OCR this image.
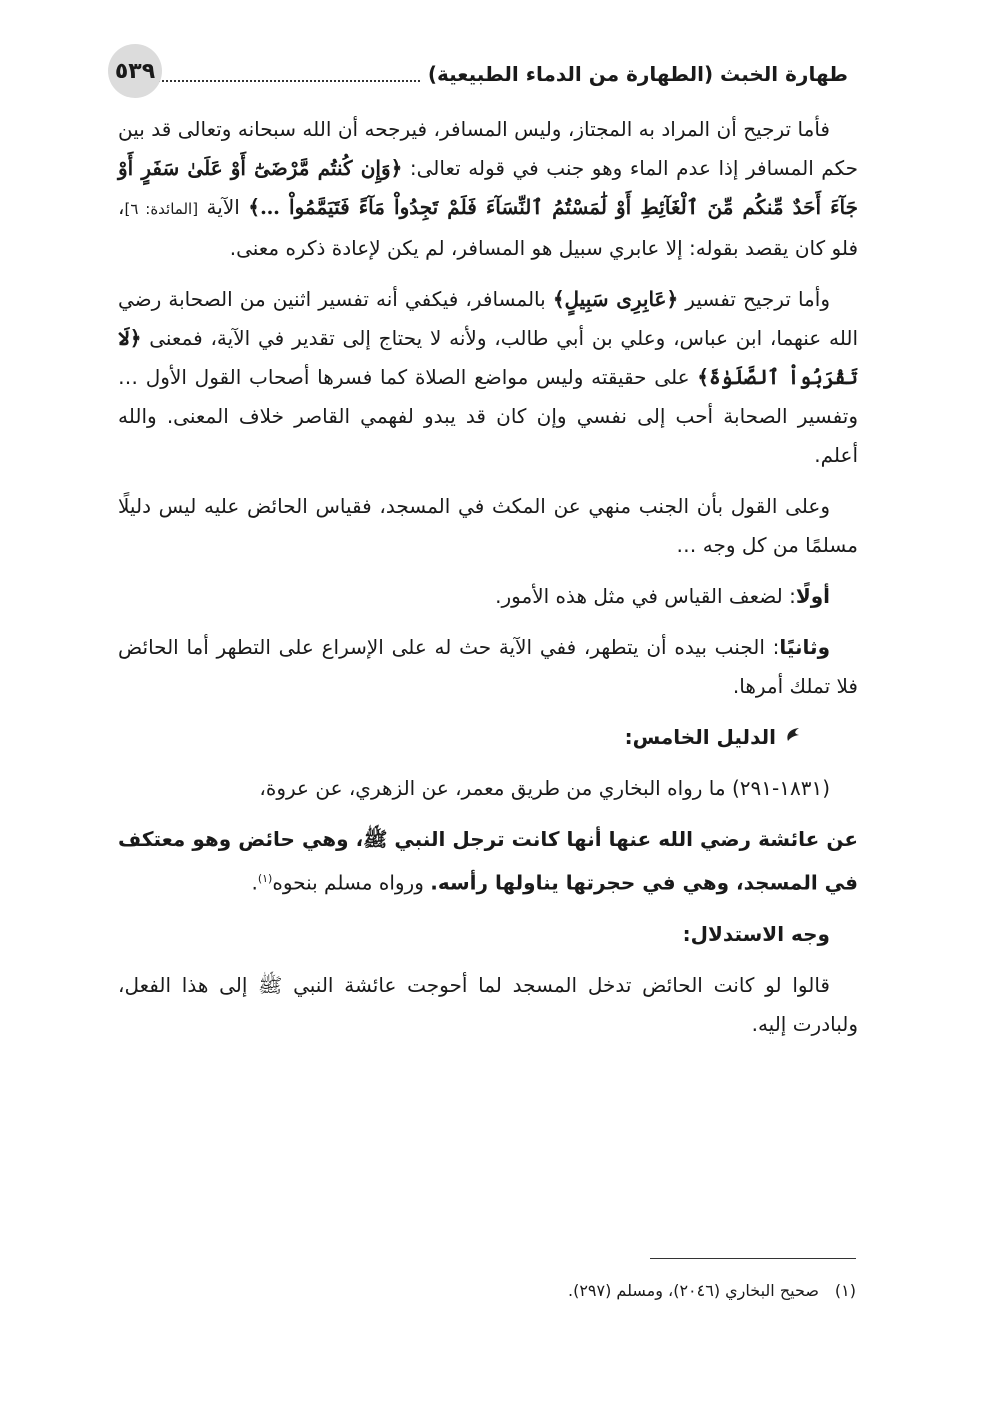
طهارة الخبث (الطهارة من الدماء الطبيعية)
٥٣٩

فأما ترجيح أن المراد به المجتاز، وليس المسافر، فيرجحه أن الله سبحانه وتعالى قد بين حكم المسافر إذا عدم الماء وهو جنب في قوله تعالى: ﴿وَإِن كُنتُم مَّرْضَىٰٓ أَوْ عَلَىٰ سَفَرٍ أَوْ جَآءَ أَحَدٌ مِّنكُم مِّنَ ٱلْغَآئِطِ أَوْ لَٰمَسْتُمُ ٱلنِّسَآءَ فَلَمْ تَجِدُواْ مَآءً فَتَيَمَّمُواْ …﴾ الآية [المائدة: ٦]، فلو كان يقصد بقوله: إلا عابري سبيل هو المسافر، لم يكن لإعادة ذكره معنى.

وأما ترجيح تفسير ﴿عَابِرِى سَبِيلٍ﴾ بالمسافر، فيكفي أنه تفسير اثنين من الصحابة رضي الله عنهما، ابن عباس، وعلي بن أبي طالب، ولأنه لا يحتاج إلى تقدير في الآية، فمعنى ﴿لَا تَقْرَبُواْ ٱلصَّلَوٰةَ﴾ على حقيقته وليس مواضع الصلاة كما فسرها أصحاب القول الأول … وتفسير الصحابة أحب إلى نفسي وإن كان قد يبدو لفهمي القاصر خلاف المعنى. والله أعلم.

وعلى القول بأن الجنب منهي عن المكث في المسجد، فقياس الحائض عليه ليس دليلًا مسلمًا من كل وجه …

أولًا: لضعف القياس في مثل هذه الأمور.

وثانيًا: الجنب بيده أن يتطهر، ففي الآية حث له على الإسراع على التطهر أما الحائض فلا تملك أمرها.

الدليل الخامس:

(١٨٣١-٢٩١) ما رواه البخاري من طريق معمر، عن الزهري، عن عروة،

عن عائشة رضي الله عنها أنها كانت ترجل النبي ﷺ، وهي حائض وهو معتكف في المسجد، وهي في حجرتها يناولها رأسه. ورواه مسلم بنحوه$^{(١)}$.

وجه الاستدلال:

قالوا لو كانت الحائض تدخل المسجد لما أحوجت عائشة النبي ﷺ إلى هذا الفعل، ولبادرت إليه.

(١)صحيح البخاري (٢٠٤٦)، ومسلم (٢٩٧).
